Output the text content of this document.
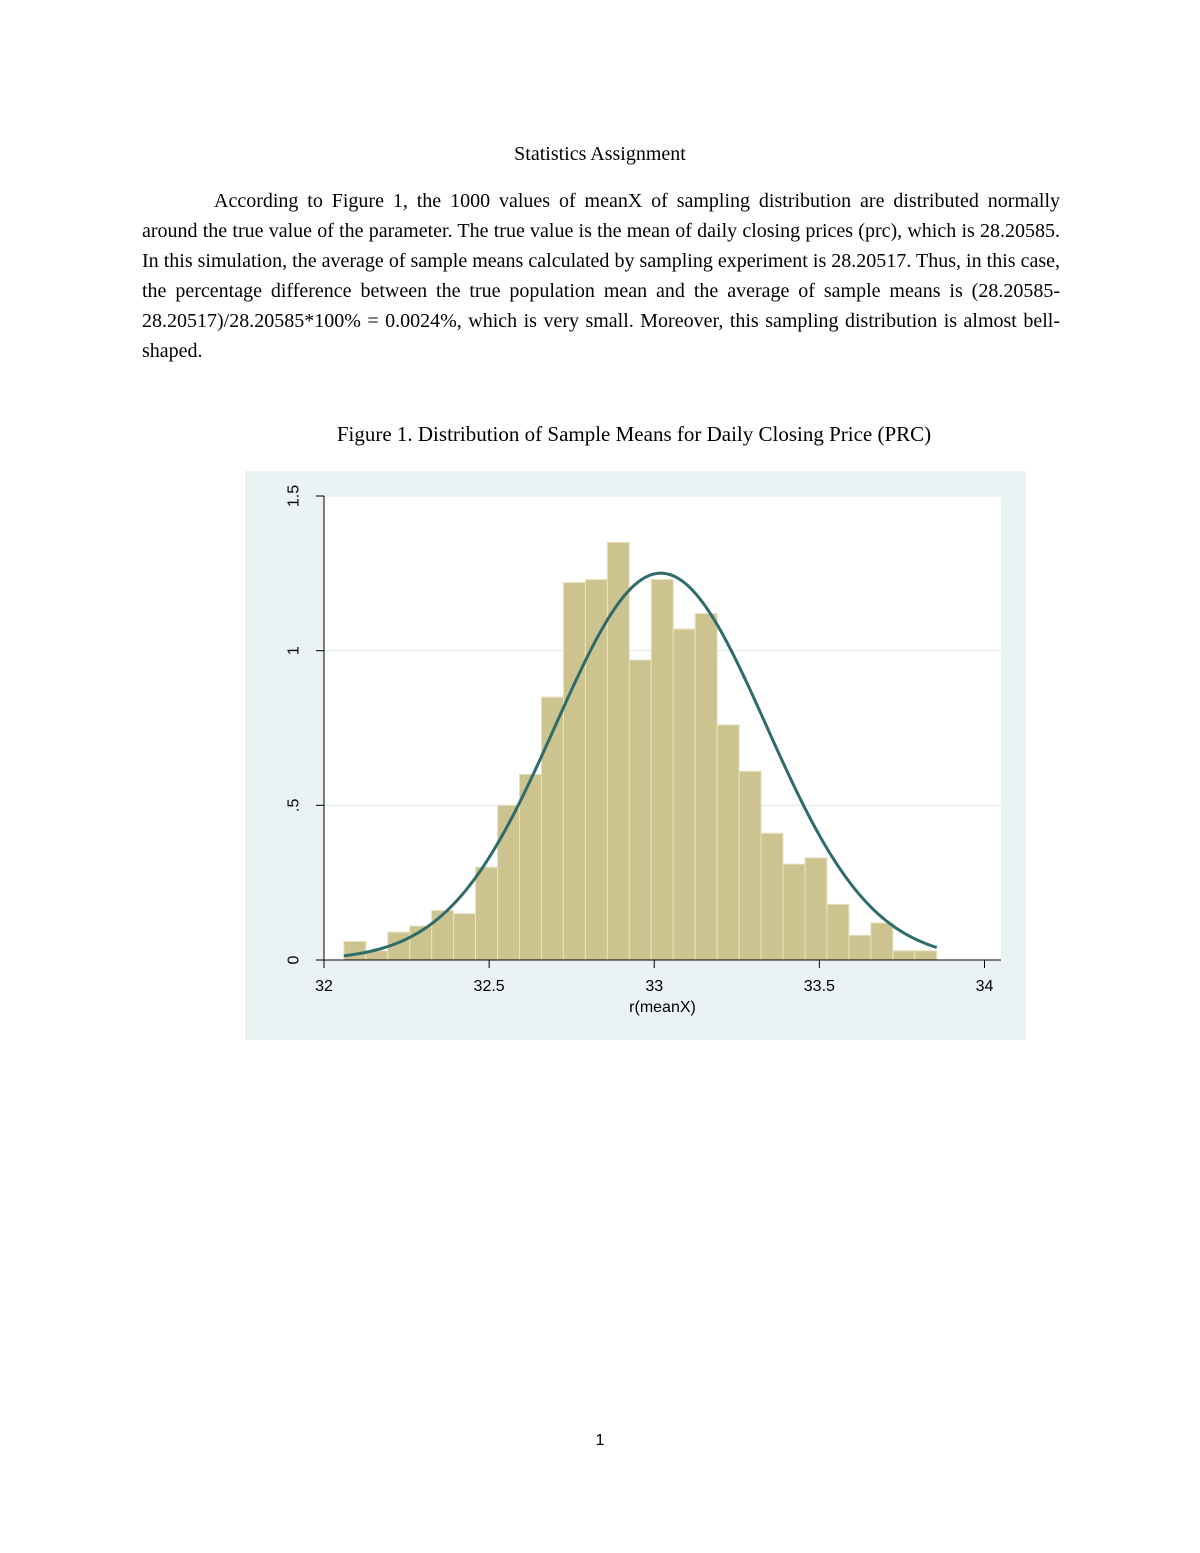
Statistics Assignment
According to Figure 1, the 1000 values of meanX of sampling distribution are distributed normally around the true value of the parameter. The true value is the mean of daily closing prices (prc), which is 28.20585. In this simulation, the average of sample means calculated by sampling experiment is 28.20517. Thus, in this case, the percentage difference between the true population mean and the average of sample means is (28.20585-28.20517)/28.20585*100% = 0.0024%, which is very small. Moreover, this sampling distribution is almost bell-shaped.
Figure 1. Distribution of Sample Means for Daily Closing Price (PRC)
0
.5
1
1.5
32	32.5	33	33.5	34
r(meanX)
1
